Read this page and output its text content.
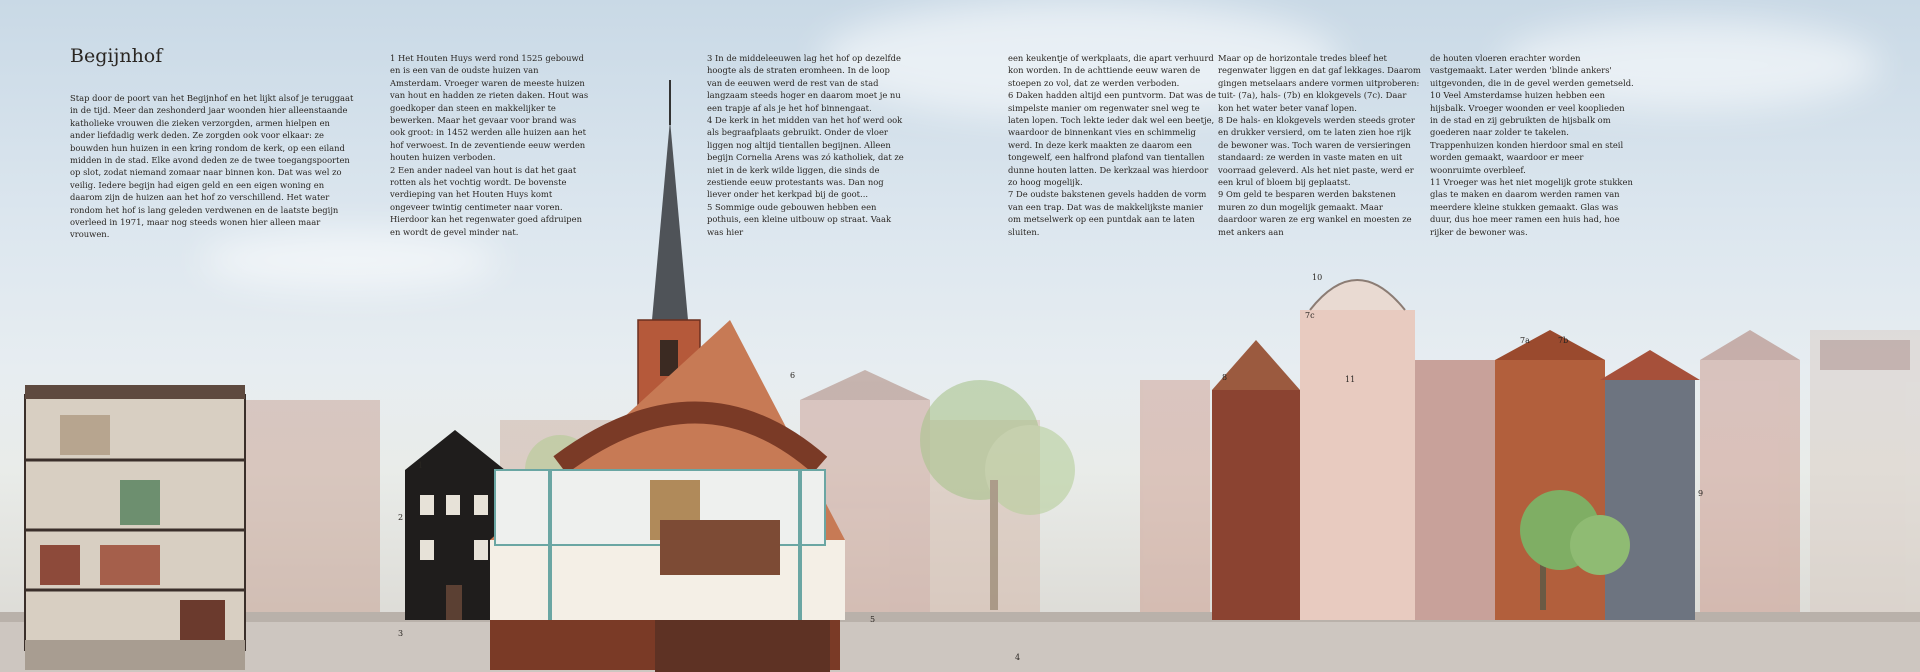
Begijnhof
Stap door de poort van het Begijnhof en het lijkt alsof je teruggaat in de tijd. Meer dan zeshonderd jaar woonden hier alleenstaande katholieke vrouwen die zieken verzorgden, armen hielpen en ander liefdadig werk deden. Ze zorgden ook voor elkaar: ze bouwden hun huizen in een kring rondom de kerk, op een eiland midden in de stad. Elke avond deden ze de twee toegangspoorten op slot, zodat niemand zomaar naar binnen kon. Dat was wel zo veilig. Iedere begijn had eigen geld en een eigen woning en daarom zijn de huizen aan het hof zo verschillend. Het water rondom het hof is lang geleden verdwenen en de laatste begijn overleed in 1971, maar nog steeds wonen hier alleen maar vrouwen.
1 Het Houten Huys werd rond 1525 gebouwd en is een van de oudste huizen van Amsterdam. Vroeger waren de meeste huizen van hout en hadden ze rieten daken. Hout was goedkoper dan steen en makkelijker te bewerken. Maar het gevaar voor brand was ook groot: in 1452 werden alle huizen aan het hof verwoest. In de zeventiende eeuw werden houten huizen verboden.
2 Een ander nadeel van hout is dat het gaat rotten als het vochtig wordt. De bovenste verdieping van het Houten Huys komt ongeveer twintig centimeter naar voren. Hierdoor kan het regenwater goed afdruipen en wordt de gevel minder nat.
3 In de middeleeuwen lag het hof op dezelfde hoogte als de straten eromheen. In de loop van de eeuwen werd de rest van de stad langzaam steeds hoger en daarom moet je nu een trapje af als je het hof binnengaat.
4 De kerk in het midden van het hof werd ook als begraafplaats gebruikt. Onder de vloer liggen nog altijd tientallen begijnen. Alleen begijn Cornelia Arens was zó katholiek, dat ze niet in de kerk wilde liggen, die sinds de zestiende eeuw protestants was. Dan nog liever onder het kerkpad bij de goot...
5 Sommige oude gebouwen hebben een pothuis, een kleine uitbouw op straat. Vaak was hier
een keukentje of werkplaats, die apart verhuurd kon worden. In de achttiende eeuw waren de stoepen zo vol, dat ze werden verboden.
6 Daken hadden altijd een puntvorm. Dat was de simpelste manier om regenwater snel weg te laten lopen. Toch lekte ieder dak wel een beetje, waardoor de binnenkant vies en schimmelig werd. In deze kerk maakten ze daarom een tongewelf, een halfrond plafond van tientallen dunne houten latten. De kerkzaal was hierdoor zo hoog mogelijk.
7 De oudste bakstenen gevels hadden de vorm van een trap. Dat was de makkelijkste manier om metselwerk op een puntdak aan te laten sluiten.
Maar op de horizontale tredes bleef het regenwater liggen en dat gaf lekkages. Daarom gingen metselaars andere vormen uitproberen: tuit- (7a), hals- (7b) en klokgevels (7c). Daar kon het water beter vanaf lopen.
8 De hals- en klokgevels werden steeds groter en drukker versierd, om te laten zien hoe rijk de bewoner was. Toch waren de versieringen standaard: ze werden in vaste maten en uit voorraad geleverd. Als het niet paste, werd er een krul of bloem bij geplaatst.
9 Om geld te besparen werden bakstenen muren zo dun mogelijk gemaakt. Maar daardoor waren ze erg wankel en moesten ze met ankers aan
de houten vloeren erachter worden vastgemaakt. Later werden 'blinde ankers' uitgevonden, die in de gevel werden gemetseld.
10 Veel Amsterdamse huizen hebben een hijsbalk. Vroeger woonden er veel kooplieden in de stad en zij gebruikten de hijsbalk om goederen naar zolder te takelen. Trappenhuizen konden hierdoor smal en steil worden gemaakt, waardoor er meer woonruimte overbleef.
11 Vroeger was het niet mogelijk grote stukken glas te maken en daarom werden ramen van meerdere kleine stukken gemaakt. Glas was duur, dus hoe meer ramen een huis had, hoe rijker de bewoner was.
1
2
3
4
5
6
7c
7a	7b
8
9
10
11
